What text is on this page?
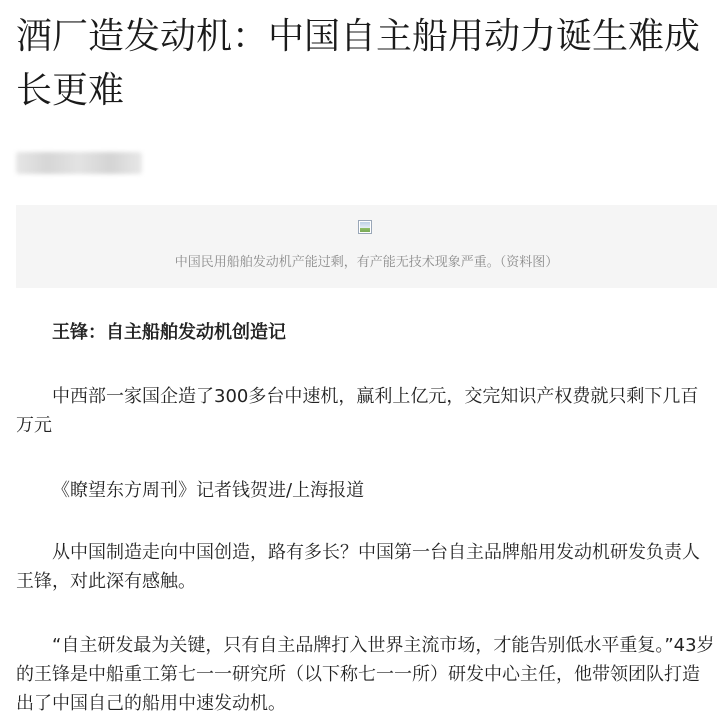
酒厂造发动机：中国自主船用动力诞生难成长更难
中国民用船舶发动机产能过剩，有产能无技术现象严重。（资料图）

王锋：自主船舶发动机创造记

中西部一家国企造了300多台中速机，赢利上亿元，交完知识产权费就只剩下几百万元

《瞭望东方周刊》记者钱贺进/上海报道

从中国制造走向中国创造，路有多长？中国第一台自主品牌船用发动机研发负责人王锋，对此深有感触。

“自主研发最为关键，只有自主品牌打入世界主流市场，才能告别低水平重复。”43岁的王锋是中船重工第七一一研究所（以下称七一一所）研发中心主任，他带领团队打造出了中国自己的船用中速发动机。
